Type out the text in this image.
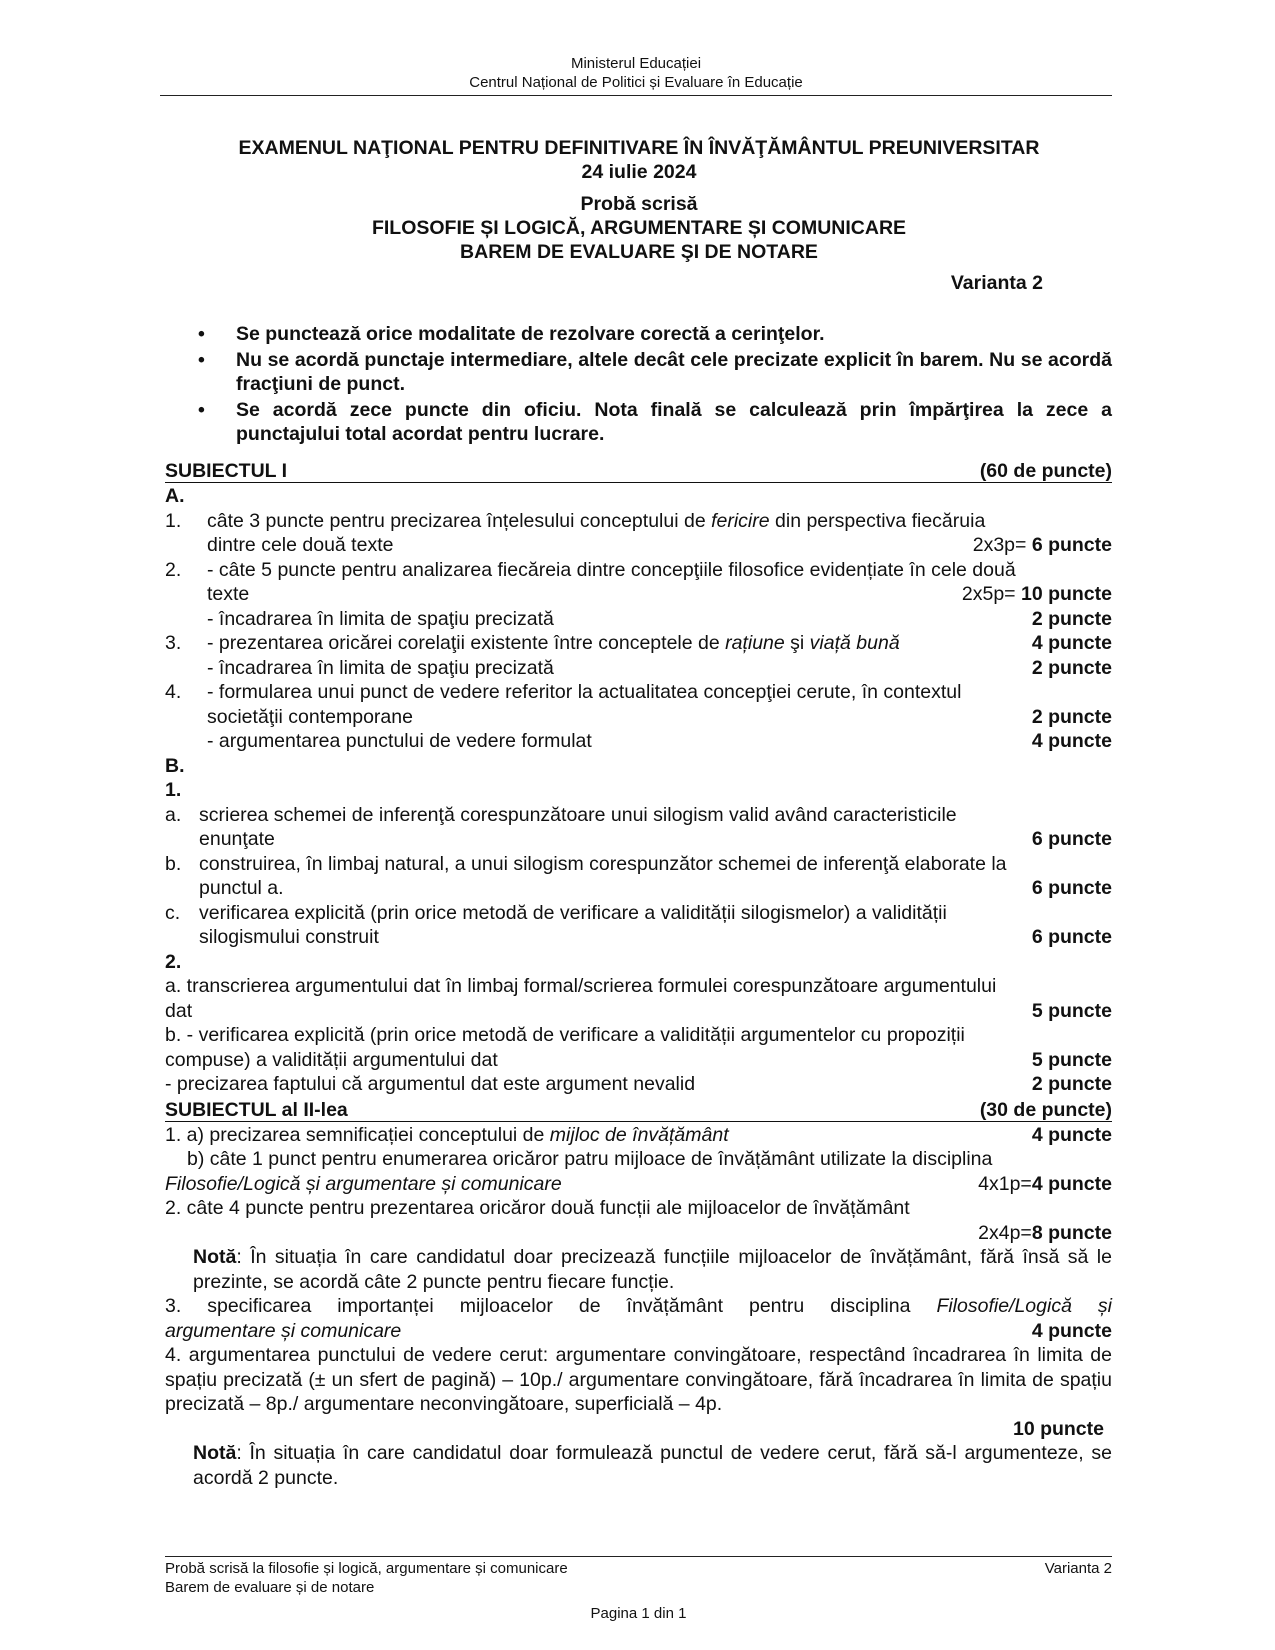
Ministerul Educației
Centrul Național de Politici și Evaluare în Educație
EXAMENUL NAŢIONAL PENTRU DEFINITIVARE ÎN ÎNVĂŢĂMÂNTUL PREUNIVERSITAR
24 iulie 2024
Probă scrisă
FILOSOFIE ȘI LOGICĂ, ARGUMENTARE ȘI COMUNICARE
BAREM DE EVALUARE ŞI DE NOTARE
Varianta 2
• Se punctează orice modalitate de rezolvare corectă a cerinţelor.
• Nu se acordă punctaje intermediare, altele decât cele precizate explicit în barem. Nu se acordă fracţiuni de punct.
• Se acordă zece puncte din oficiu. Nota finală se calculează prin împărţirea la zece a punctajului total acordat pentru lucrare.
SUBIECTUL I	(60 de puncte)
A.
1. câte 3 puncte pentru precizarea înțelesului conceptului de fericire din perspectiva fiecăruia
dintre cele două texte	2x3p= 6 puncte
2. - câte 5 puncte pentru analizarea fiecăreia dintre concepţiile filosofice evidențiate în cele două
texte	2x5p= 10 puncte
- încadrarea în limita de spaţiu precizată	2 puncte
3. - prezentarea oricărei corelaţii existente între conceptele de rațiune şi viață bună	4 puncte
- încadrarea în limita de spaţiu precizată	2 puncte
4. - formularea unui punct de vedere referitor la actualitatea concepţiei cerute, în contextul
societăţii contemporane	2 puncte
- argumentarea punctului de vedere formulat	4 puncte
B.
1.
a. scrierea schemei de inferenţă corespunzătoare unui silogism valid având caracteristicile
enunţate	6 puncte
b. construirea, în limbaj natural, a unui silogism corespunzător schemei de inferenţă elaborate la
punctul a.	6 puncte
c. verificarea explicită (prin orice metodă de verificare a validității silogismelor) a validității
silogismului construit	6 puncte
2.
a. transcrierea argumentului dat în limbaj formal/scrierea formulei corespunzătoare argumentului
dat	5 puncte
b. - verificarea explicită (prin orice metodă de verificare a validității argumentelor cu propoziții
compuse) a validității argumentului dat	5 puncte
- precizarea faptului că argumentul dat este argument nevalid	2 puncte
SUBIECTUL al II-lea	(30 de puncte)
1. a) precizarea semnificației conceptului de mijloc de învățământ	4 puncte
b) câte 1 punct pentru enumerarea oricăror patru mijloace de învățământ utilizate la disciplina
Filosofie/Logică și argumentare și comunicare	4x1p=4 puncte
2. câte 4 puncte pentru prezentarea oricăror două funcții ale mijloacelor de învățământ
2x4p=8 puncte
Notă: În situația în care candidatul doar precizează funcțiile mijloacelor de învățământ, fără însă să le prezinte, se acordă câte 2 puncte pentru fiecare funcție.
3. specificarea importanței mijloacelor de învățământ pentru disciplina Filosofie/Logică și
argumentare și comunicare	4 puncte
4. argumentarea punctului de vedere cerut: argumentare convingătoare, respectând încadrarea în limita de spațiu precizată (± un sfert de pagină) – 10p./ argumentare convingătoare, fără încadrarea în limita de spațiu precizată – 8p./ argumentare neconvingătoare, superficială – 4p.
10 puncte
Notă: În situația în care candidatul doar formulează punctul de vedere cerut, fără să-l argumenteze, se acordă 2 puncte.
Probă scrisă la filosofie și logică, argumentare și comunicare	Varianta 2
Barem de evaluare și de notare
Pagina 1 din 1
